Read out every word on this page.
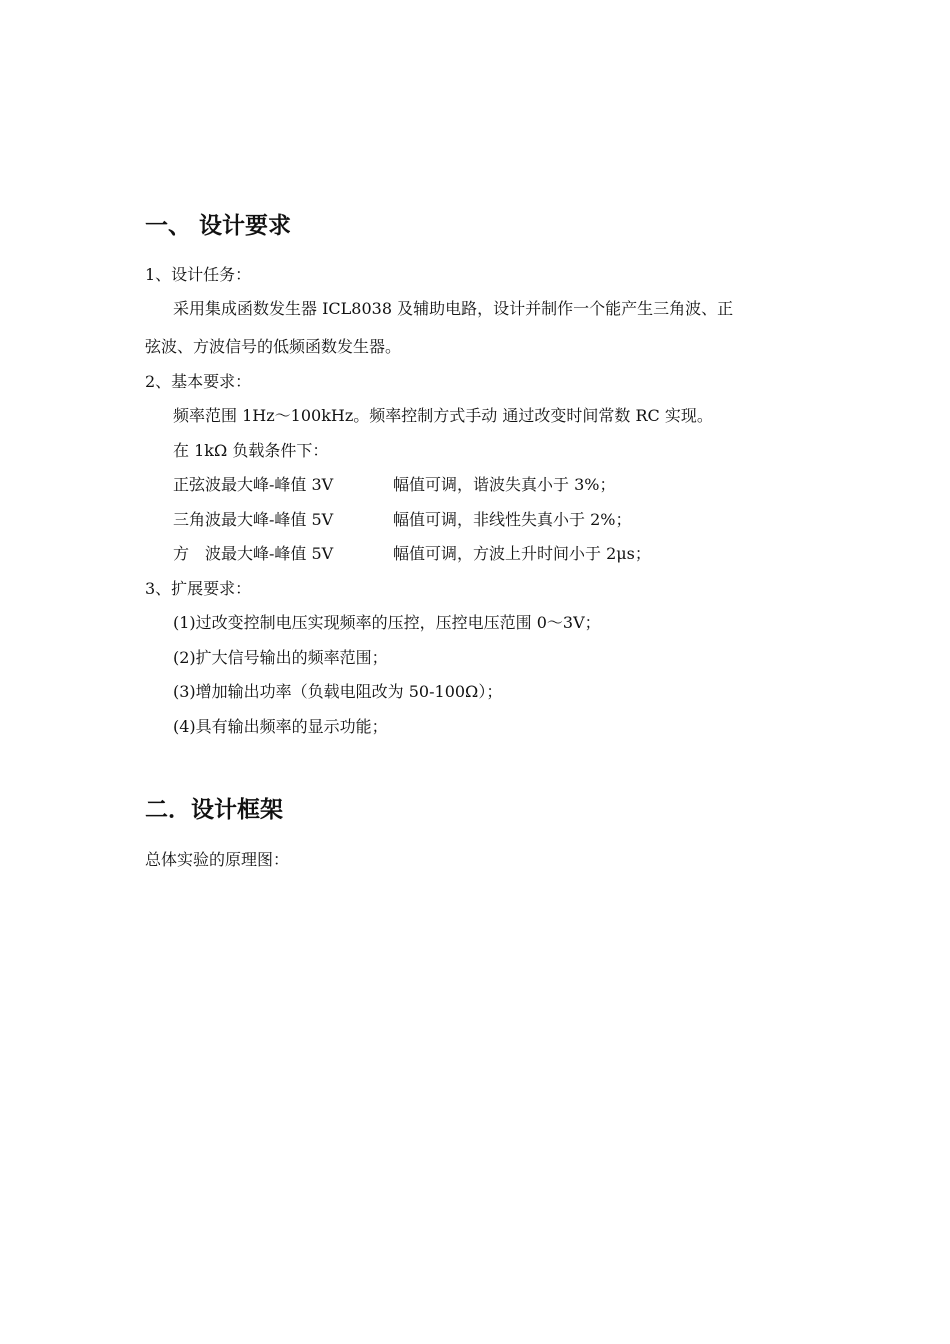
一、 设计要求
1、设计任务：
采用集成函数发生器 ICL8038 及辅助电路，设计并制作一个能产生三角波、正
弦波、方波信号的低频函数发生器。
2、基本要求：
频率范围 1Hz～100kHz。频率控制方式手动 通过改变时间常数 RC 实现。
在 1kΩ 负载条件下：
正弦波最大峰-峰值 3V	幅值可调，谐波失真小于 3%；
三角波最大峰-峰值 5V	幅值可调，非线性失真小于 2%；
方　波最大峰-峰值 5V	幅值可调，方波上升时间小于 2μs；
3、扩展要求：
(1)过改变控制电压实现频率的压控，压控电压范围 0～3V；
(2)扩大信号输出的频率范围；
(3)增加输出功率（负载电阻改为 50-100Ω）；
(4)具有输出频率的显示功能；
二．设计框架
总体实验的原理图：
